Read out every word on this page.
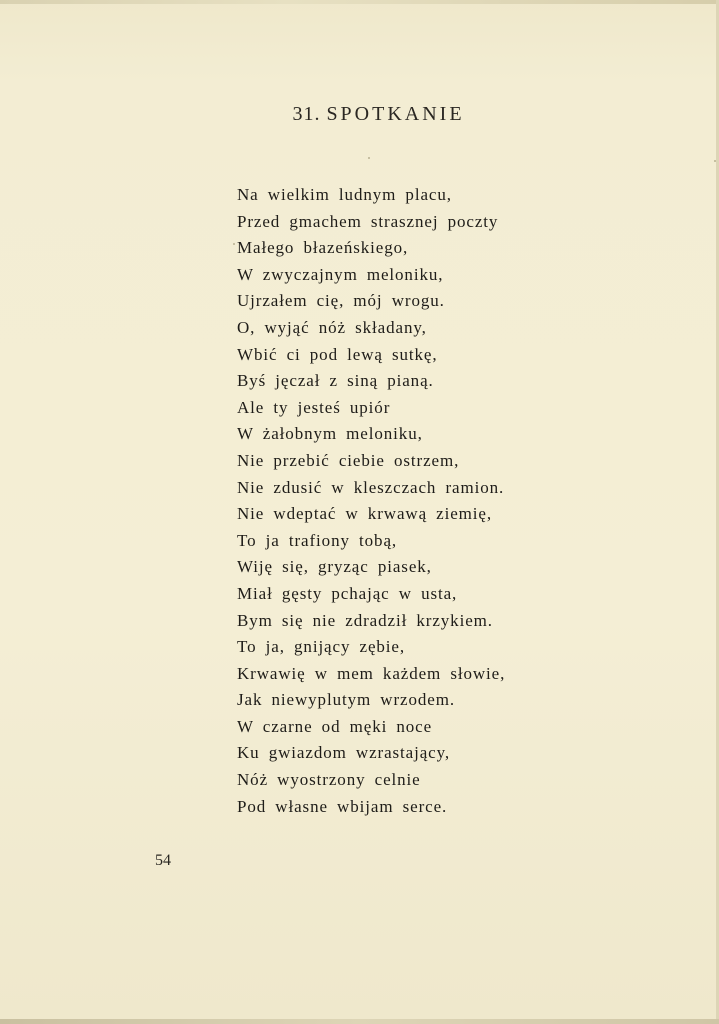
31. SPOTKANIE
Na wielkim ludnym placu,
Przed gmachem strasznej poczty
Małego błazeńskiego,
W zwyczajnym meloniku,
Ujrzałem cię, mój wrogu.
O, wyjąć nóż składany,
Wbić ci pod lewą sutkę,
Byś jęczał z siną pianą.
Ale ty jesteś upiór
W żałobnym meloniku,
Nie przebić ciebie ostrzem,
Nie zdusić w kleszczach ramion.
Nie wdeptać w krwawą ziemię,
To ja trafiony tobą,
Wiję się, gryząc piasek,
Miał gęsty pchając w usta,
Bym się nie zdradził krzykiem.
To ja, gnijący zębie,
Krwawię w mem każdem słowie,
Jak niewyplutym wrzodem.
W czarne od męki noce
Ku gwiazdom wzrastający,
Nóż wyostrzony celnie
Pod własne wbijam serce.
54
